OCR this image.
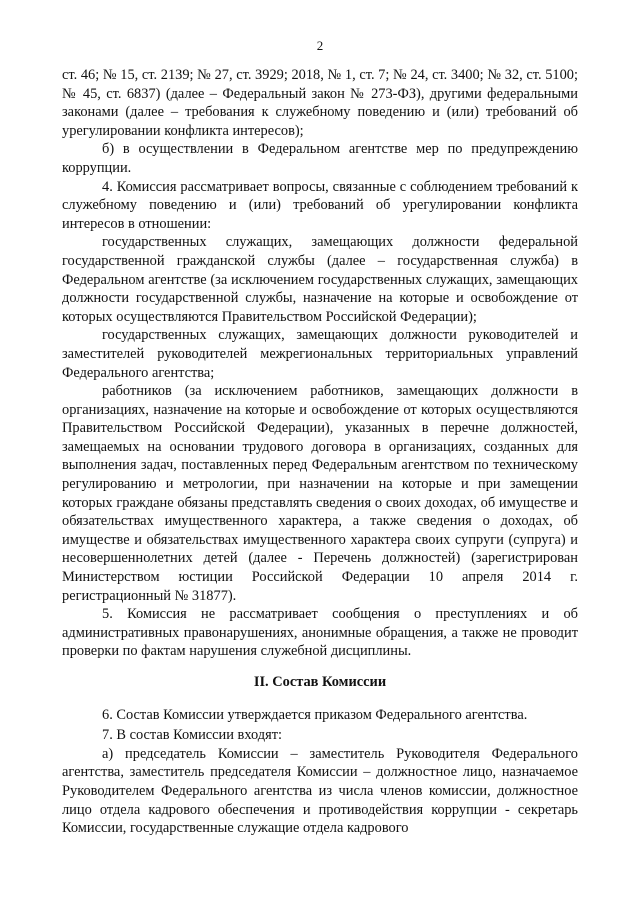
2

ст. 46; № 15, ст. 2139; № 27, ст. 3929; 2018, № 1, ст. 7; № 24, ст. 3400; № 32, ст. 5100; № 45, ст. 6837) (далее – Федеральный закон № 273-ФЗ), другими федеральными законами (далее – требования к служебному поведению и (или) требований об урегулировании конфликта интересов);

б) в осуществлении в Федеральном агентстве мер по предупреждению коррупции.

4. Комиссия рассматривает вопросы, связанные с соблюдением требований к служебному поведению и (или) требований об урегулировании конфликта интересов в отношении:

государственных служащих, замещающих должности федеральной государственной гражданской службы (далее – государственная служба) в Федеральном агентстве (за исключением государственных служащих, замещающих должности государственной службы, назначение на которые и освобождение от которых осуществляются Правительством Российской Федерации);

государственных служащих, замещающих должности руководителей и заместителей руководителей межрегиональных территориальных управлений Федерального агентства;

работников (за исключением работников, замещающих должности в организациях, назначение на которые и освобождение от которых осуществляются Правительством Российской Федерации), указанных в перечне должностей, замещаемых на основании трудового договора в организациях, созданных для выполнения задач, поставленных перед Федеральным агентством по техническому регулированию и метрологии, при назначении на которые и при замещении которых граждане обязаны представлять сведения о своих доходах, об имуществе и обязательствах имущественного характера, а также сведения о доходах, об имуществе и обязательствах имущественного характера своих супруги (супруга) и несовершеннолетних детей (далее - Перечень должностей) (зарегистрирован Министерством юстиции Российской Федерации 10 апреля 2014 г. регистрационный № 31877).

5. Комиссия не рассматривает сообщения о преступлениях и об административных правонарушениях, анонимные обращения, а также не проводит проверки по фактам нарушения служебной дисциплины.

II. Состав Комиссии

6. Состав Комиссии утверждается приказом Федерального агентства.

7. В состав Комиссии входят:

а) председатель Комиссии – заместитель Руководителя Федерального агентства, заместитель председателя Комиссии – должностное лицо, назначаемое Руководителем Федерального агентства из числа членов комиссии, должностное лицо отдела кадрового обеспечения и противодействия коррупции - секретарь Комиссии, государственные служащие отдела кадрового
